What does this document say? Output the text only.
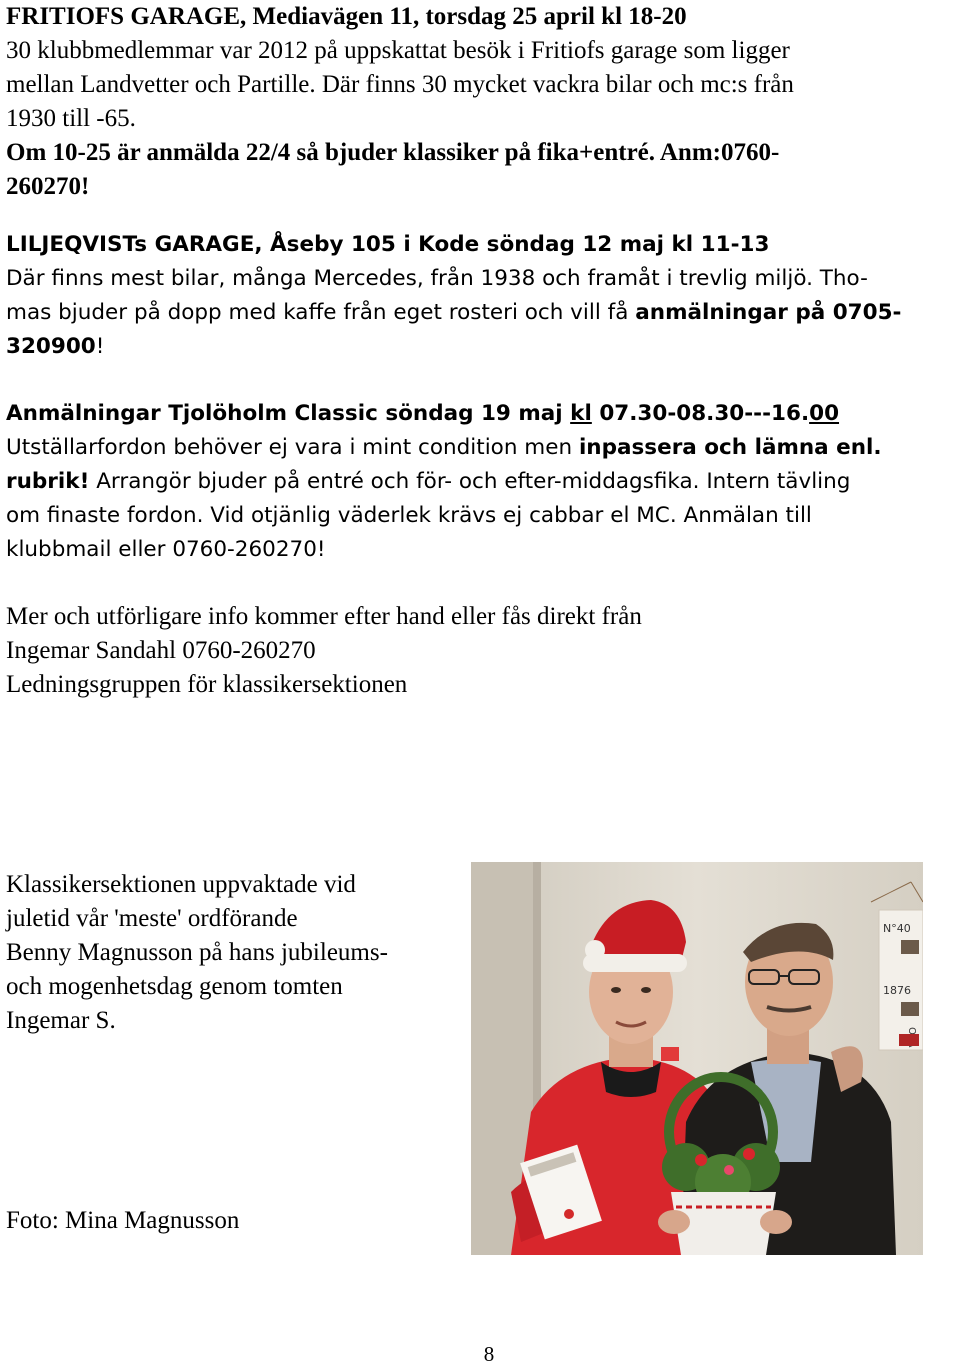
FRITIOFS GARAGE, Mediavägen 11, torsdag 25 april kl 18-20
30 klubbmedlemmar var 2012 på uppskattat besök i Fritiofs garage som ligger
mellan Landvetter och Partille. Där finns 30 mycket vackra bilar och mc:s från
1930 till -65.
Om 10-25 är anmälda 22/4 så bjuder klassiker på fika+entré. Anm:0760-
260270!
LILJEQVISTs GARAGE, Åseby 105 i Kode söndag 12 maj kl 11-13
Där finns mest bilar, många Mercedes, från 1938 och framåt i trevlig miljö. Tho-
mas bjuder på dopp med kaffe från eget rosteri och vill få anmälningar på 0705-
320900!
Anmälningar Tjolöholm Classic söndag 19 maj kl 07.30-08.30---16.00
Utställarfordon behöver ej vara i mint condition men inpassera och lämna enl.
rubrik! Arrangör bjuder på entré och för- och efter-middagsfika. Intern tävling
om finaste fordon. Vid otjänlig väderlek krävs ej cabbar el MC. Anmälan till
klubbmail eller 0760-260270!
Mer och utförligare info kommer efter hand eller fås direkt från
Ingemar Sandahl 0760-260270
Ledningsgruppen för klassikersektionen
Klassikersektionen uppvaktade vid
juletid vår 'meste' ordförande
Benny Magnusson på hans jubileums-
och mogenhetsdag genom tomten
Ingemar S.
Foto: Mina Magnusson
N°40
1876
8
